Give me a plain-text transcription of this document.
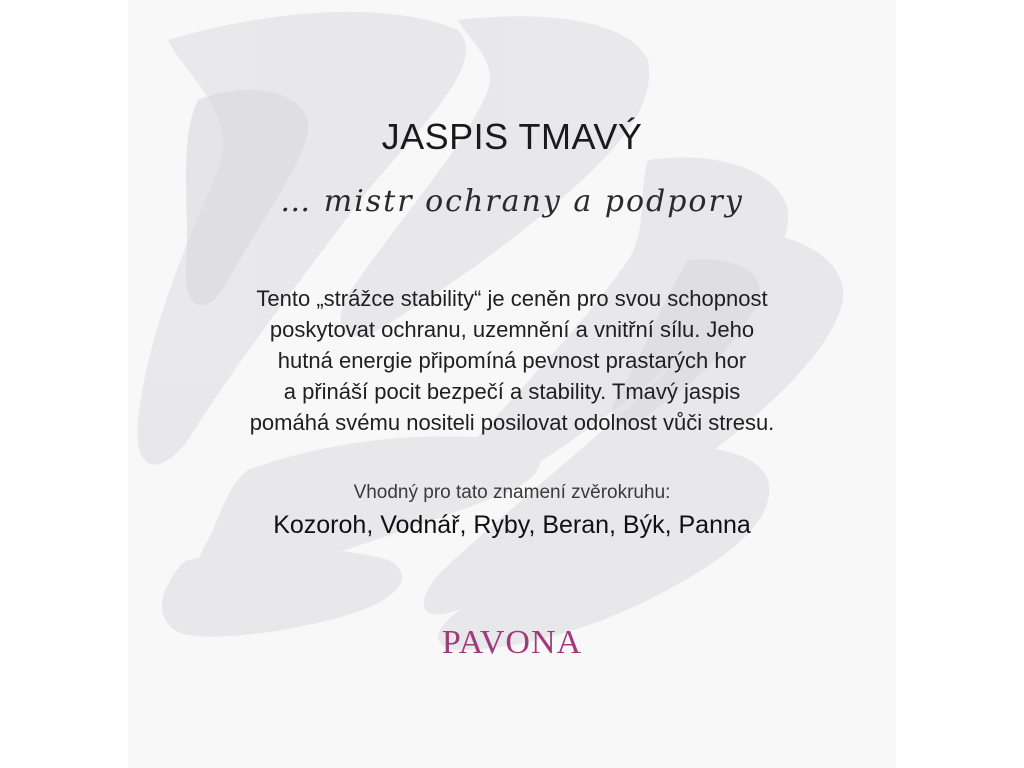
JASPIS TMAVÝ
… mistr ochrany a podpory
Tento „strážce stability“ je ceněn pro svou schopnost
poskytovat ochranu, uzemnění a vnitřní sílu. Jeho
hutná energie připomíná pevnost prastarých hor
a přináší pocit bezpečí a stability. Tmavý jaspis
pomáhá svému nositeli posilovat odolnost vůči stresu.
Vhodný pro tato znamení zvěrokruhu:
Kozoroh, Vodnář, Ryby, Beran, Býk, Panna
PAVONA
